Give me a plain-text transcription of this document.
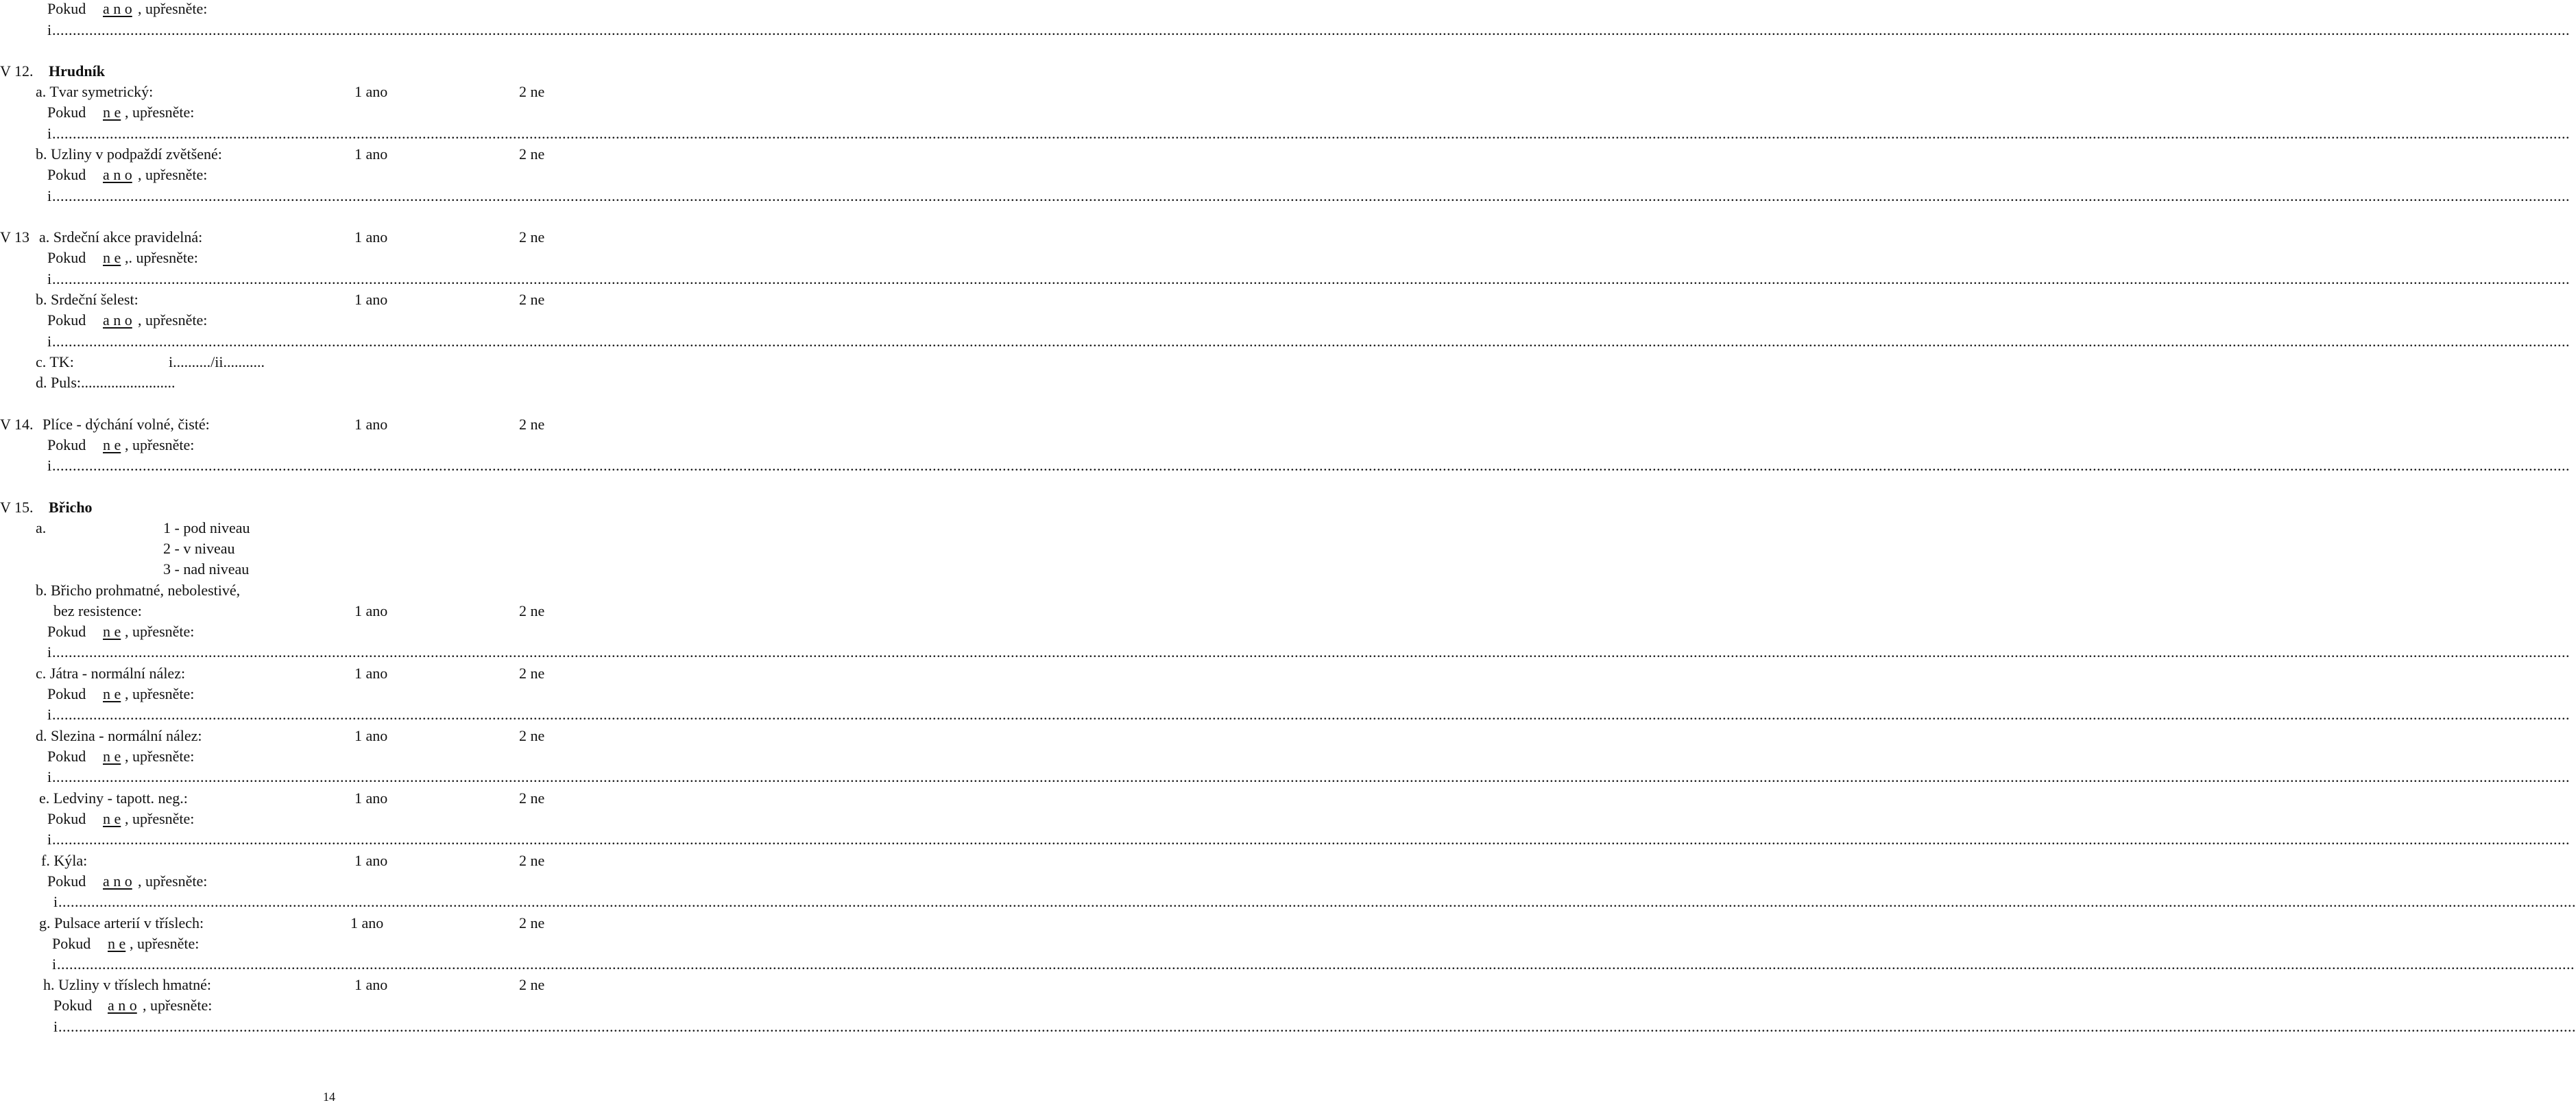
Pokud a n o , upřesněte:
i ....................................................................................................................................................................................................................................................................................................................................................................................................................................................................................................................................................................................................................................
V 12. Hrudník
a. Tvar symetrický:	1 ano	2 ne
Pokud n e , upřesněte:
i ....................................................................................................................................................................................................................................................................................................................................................................................................................................................................................................................................................................................................................................
b. Uzliny v podpaždí zvětšené:	1 ano	2 ne
Pokud a n o , upřesněte:
i ....................................................................................................................................................................................................................................................................................................................................................................................................................................................................................................................................................................................................................................
V 13 a. Srdeční akce pravidelná:	1 ano	2 ne
Pokud n e ,. upřesněte:
i ....................................................................................................................................................................................................................................................................................................................................................................................................................................................................................................................................................................................................................................
b. Srdeční šelest:	1 ano	2 ne
Pokud a n o , upřesněte:
i ....................................................................................................................................................................................................................................................................................................................................................................................................................................................................................................................................................................................................................................
c. TK:	i........../ii...........
d. Puls:.........................
V 14. Plíce - dýchání volné, čisté:	1 ano	2 ne
Pokud n e , upřesněte:
i ....................................................................................................................................................................................................................................................................................................................................................................................................................................................................................................................................................................................................................................
V 15. Břicho
a.	1 - pod niveau
2 - v niveau
3 - nad niveau
b. Břicho prohmatné, nebolestivé,
bez resistence:	1 ano	2 ne
Pokud n e , upřesněte:
i ....................................................................................................................................................................................................................................................................................................................................................................................................................................................................................................................................................................................................................................
c. Játra - normální nález:	1 ano	2 ne
Pokud n e , upřesněte:
i ....................................................................................................................................................................................................................................................................................................................................................................................................................................................................................................................................................................................................................................
d. Slezina - normální nález:	1 ano	2 ne
Pokud n e , upřesněte:
i ....................................................................................................................................................................................................................................................................................................................................................................................................................................................................................................................................................................................................................................
e. Ledviny - tapott. neg.:	1 ano	2 ne
Pokud n e , upřesněte:
i ....................................................................................................................................................................................................................................................................................................................................................................................................................................................................................................................................................................................................................................
f. Kýla:	1 ano	2 ne
Pokud a n o , upřesněte:
i ....................................................................................................................................................................................................................................................................................................................................................................................................................................................................................................................................................................................................................................
g. Pulsace arterií v tříslech:	1 ano	2 ne
Pokud n e , upřesněte:
i ....................................................................................................................................................................................................................................................................................................................................................................................................................................................................................................................................................................................................................................
h. Uzliny v tříslech hmatné:	1 ano	2 ne
Pokud a n o , upřesněte:
i ....................................................................................................................................................................................................................................................................................................................................................................................................................................................................................................................................................................................................................................
14
